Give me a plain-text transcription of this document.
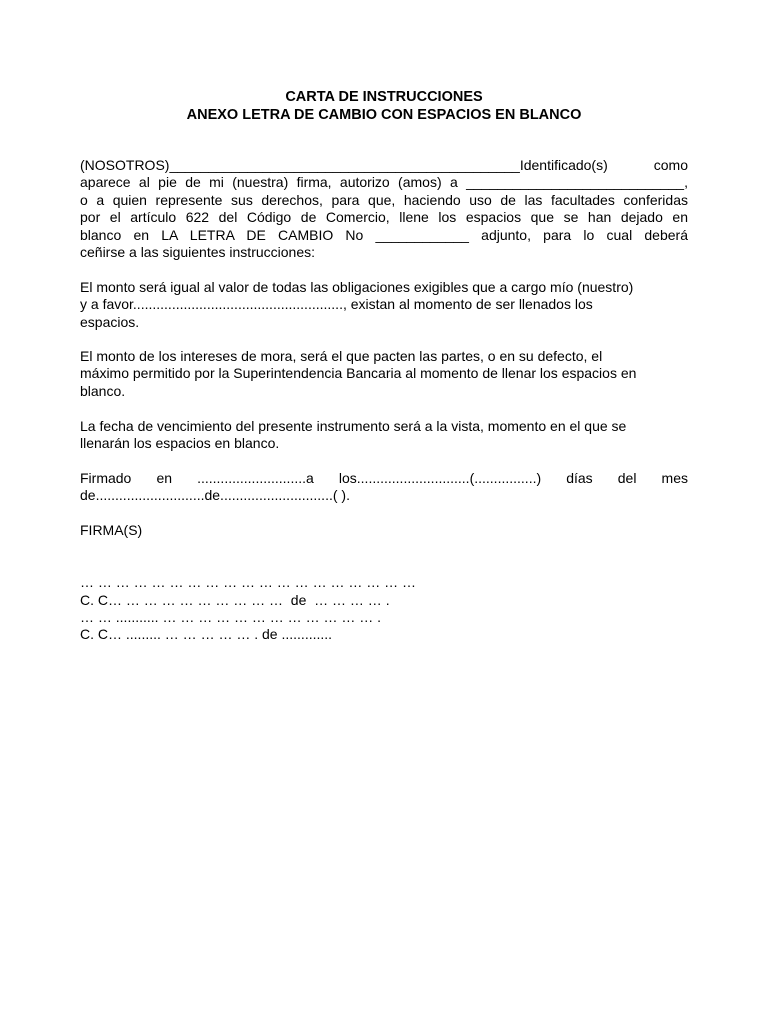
CARTA DE INSTRUCCIONES
ANEXO LETRA DE CAMBIO CON ESPACIOS EN BLANCO
(NOSOTROS)_____________________________________________Identificado(s)	como
aparece al pie de mi (nuestra) firma, autorizo (amos) a ____________________________,
o a quien represente sus derechos, para que, haciendo uso de las facultades conferidas
por el artículo 622 del Código de Comercio, llene los espacios que se han dejado en
blanco en LA LETRA DE CAMBIO No ____________ adjunto, para lo cual deberá
ceñirse a las siguientes instrucciones:
El monto será igual al valor de todas las obligaciones exigibles que a cargo mío (nuestro)
y a favor......................................................, existan al momento de ser llenados los
espacios.
El monto de los intereses de mora, será el que pacten las partes, o en su defecto, el
máximo permitido por la Superintendencia Bancaria al momento de llenar los espacios en
blanco.
La fecha de vencimiento del presente instrumento será a la vista, momento en el que se
llenarán los espacios en blanco.
Firmado en ............................a los.............................(................) días del mes
de............................de.............................( ).
FIRMA(S)
… … … … … … … … … … … … … … … … … … …
C. C… … … … … … … … … …  de  … … … … .
… … ........... … … … … … … … … … … … … .
C. C… ......... … … … … … . de .............
